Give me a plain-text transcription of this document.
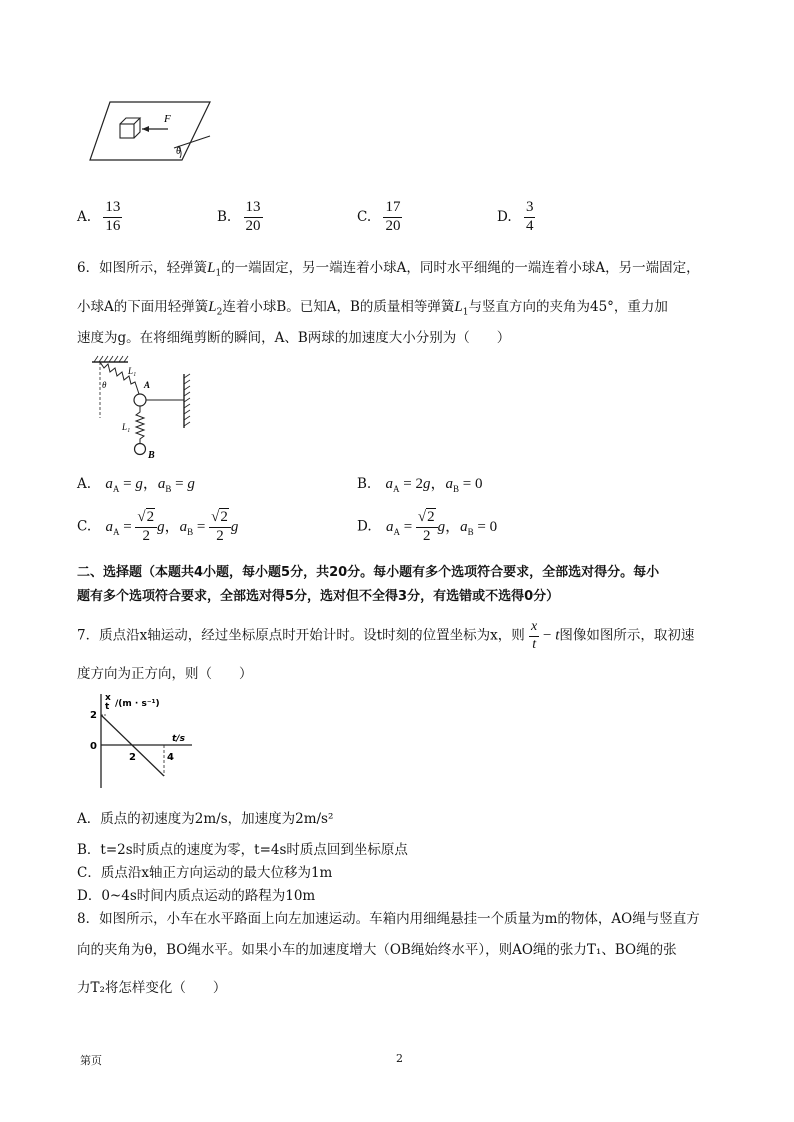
F
θ
A. $\frac{13}{16}$	B. $\frac{13}{20}$	C. $\frac{17}{20}$	D. $\frac{3}{4}$
6．如图所示，轻弹簧$L_1$的一端固定，另一端连着小球A，同时水平细绳的一端连着小球A，另一端固定，
小球A的下面用轻弹簧$L_2$连着小球B。已知A，B的质量相等弹簧$L_1$与竖直方向的夹角为45°，重力加
速度为g。在将细绳剪断的瞬间，A、B两球的加速度大小分别为（　　）
θ
L₁
A
L₁
B
A. $a_A = g$，$a_B = g$	B. $a_A = 2g$，$a_B = 0$
C. $a_A = \frac{√2}{2}$ g，$a_B = \frac{√2}{2}$ g	D. $a_A = \frac{√2}{2}$ g，$a_B = 0$
二、选择题（本题共4小题，每小题5分，共20分。每小题有多个选项符合要求，全部选对得分。每小
题有多个选项符合要求，全部选对得5分，选对但不全得3分，有选错或不选得0分）
7．质点沿x轴运动，经过坐标原点时开始计时。设t时刻的位置坐标为x，则 $\frac{x}{t} - t$图像如图所示，取初速
度方向为正方向，则（　　）
x
t /(m · s⁻¹)
2
0
t/s
2	4
A．质点的初速度为2m/s，加速度为2m/s²
B．t=2s时质点的速度为零，t=4s时质点回到坐标原点
C．质点沿x轴正方向运动的最大位移为1m
D．0~4s时间内质点运动的路程为10m
8．如图所示，小车在水平路面上向左加速运动。车箱内用细绳悬挂一个质量为m的物体，AO绳与竖直方
向的夹角为θ，BO绳水平。如果小车的加速度增大（OB绳始终水平），则AO绳的张力T₁、BO绳的张
力T₂将怎样变化（　　）
第页	2
